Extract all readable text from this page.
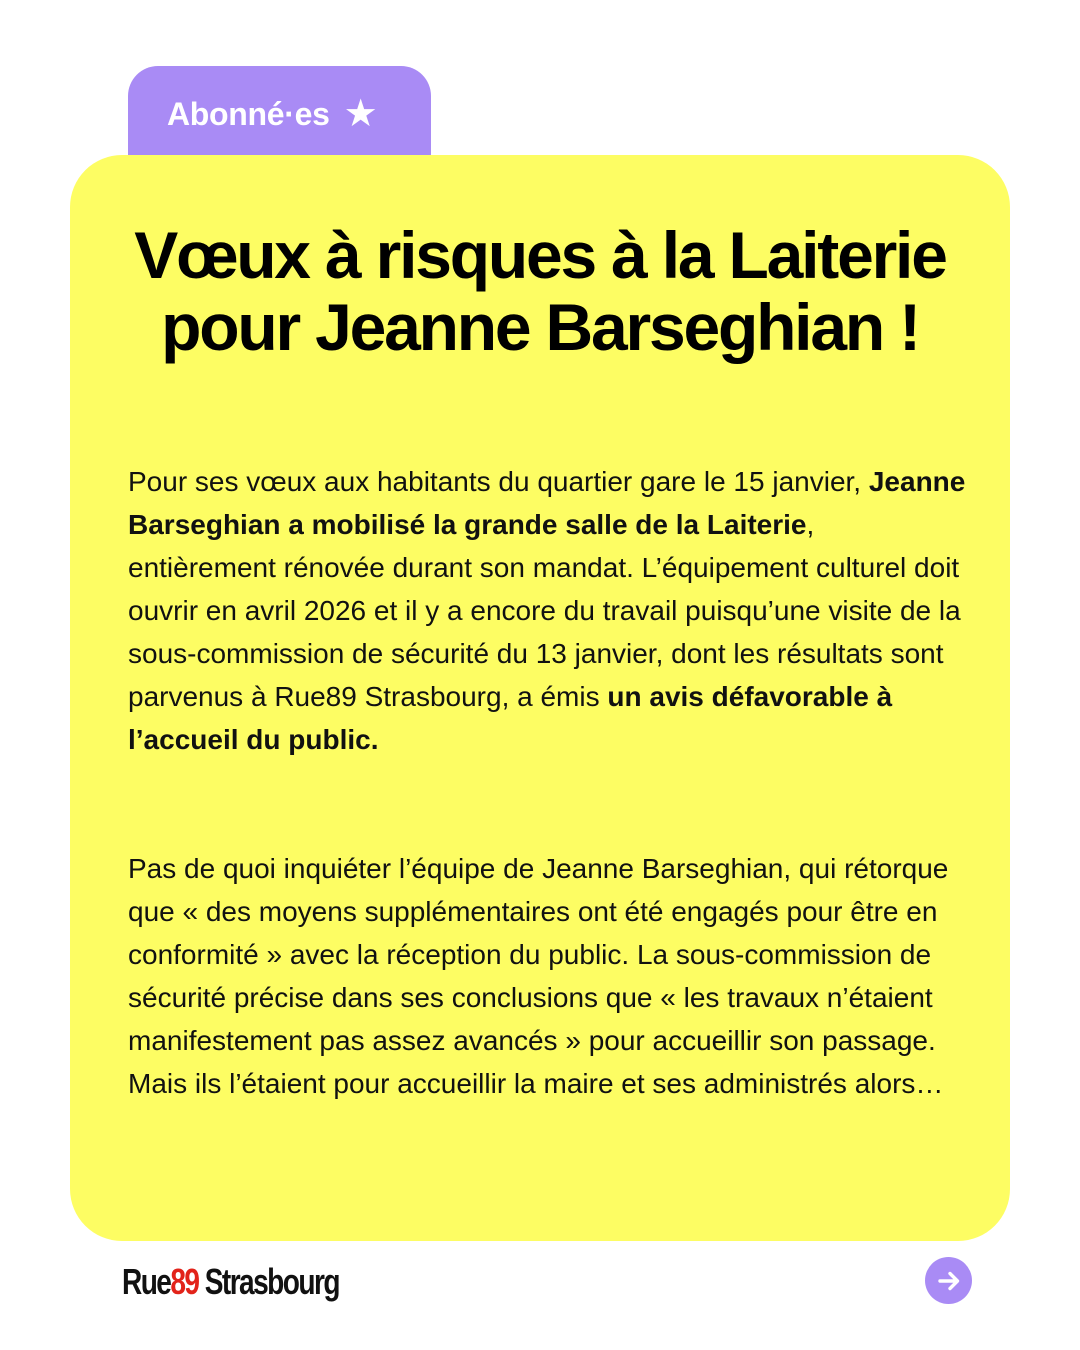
Abonné·es ★
Vœux à risques à la Laiterie pour Jeanne Barseghian !

Pour ses vœux aux habitants du quartier gare le 15 janvier, Jeanne Barseghian a mobilisé la grande salle de la Laiterie, entièrement rénovée durant son mandat. L’équipement culturel doit ouvrir en avril 2026 et il y a encore du travail puisqu’une visite de la sous-commission de sécurité du 13 janvier, dont les résultats sont parvenus à Rue89 Strasbourg, a émis un avis défavorable à l’accueil du public.

Pas de quoi inquiéter l’équipe de Jeanne Barseghian, qui rétorque que « des moyens supplémentaires ont été engagés pour être en conformité » avec la réception du public. La sous-commission de sécurité précise dans ses conclusions que « les travaux n’étaient manifestement pas assez avancés » pour accueillir son passage. Mais ils l’étaient pour accueillir la maire et ses administrés alors…

Rue89 Strasbourg
